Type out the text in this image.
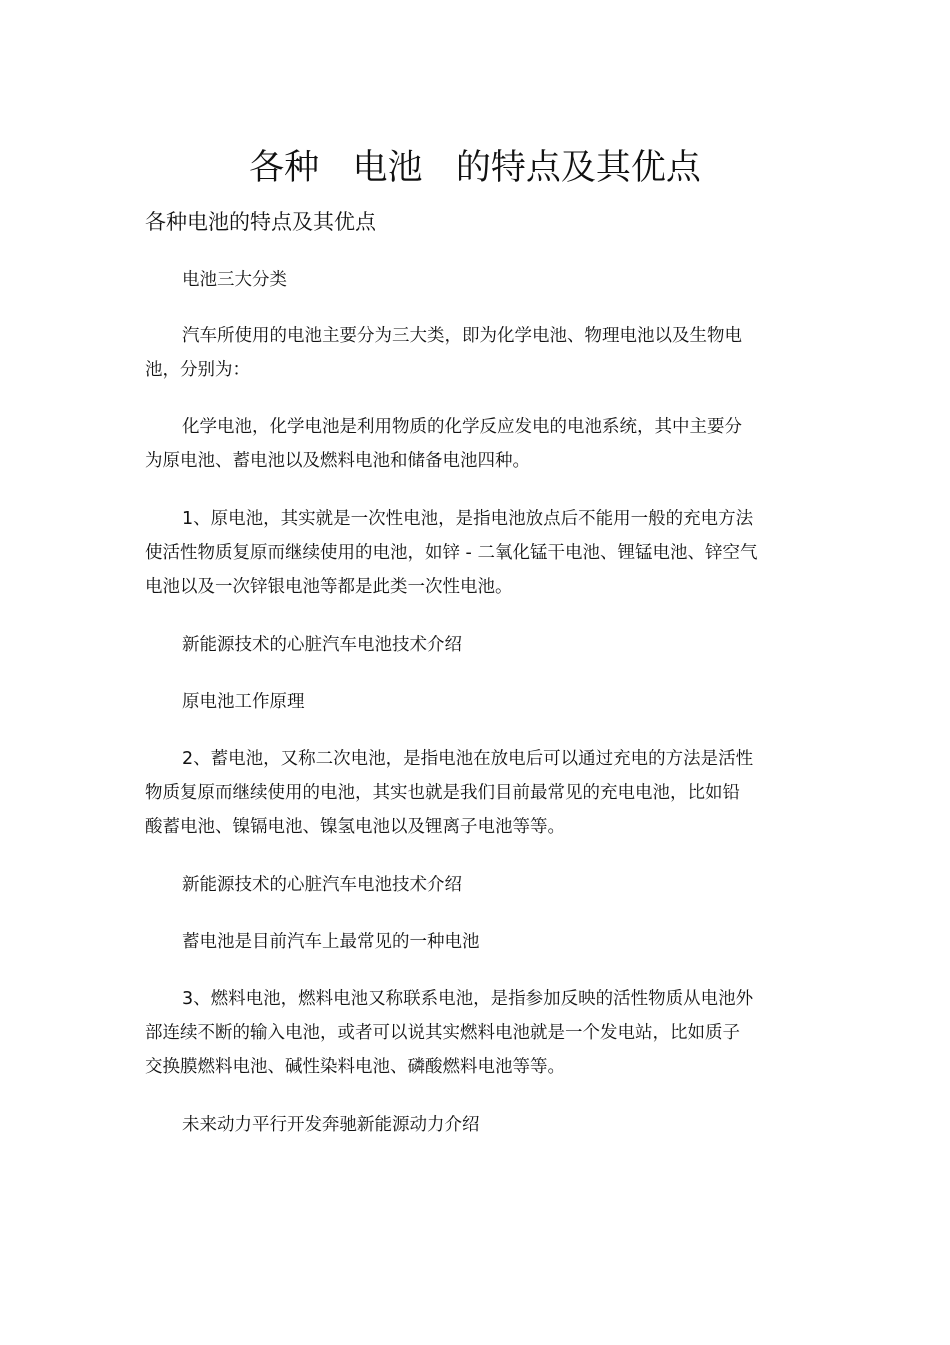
各种   电池   的特点及其优点
各种电池的特点及其优点
电池三大分类
汽车所使用的电池主要分为三大类，即为化学电池、物理电池以及生物电
池，分别为：
化学电池，化学电池是利用物质的化学反应发电的电池系统，其中主要分
为原电池、蓄电池以及燃料电池和储备电池四种。
1、原电池，其实就是一次性电池，是指电池放点后不能用一般的充电方法
使活性物质复原而继续使用的电池，如锌 - 二氧化锰干电池、锂锰电池、锌空气
电池以及一次锌银电池等都是此类一次性电池。
新能源技术的心脏汽车电池技术介绍
原电池工作原理
2、蓄电池，又称二次电池，是指电池在放电后可以通过充电的方法是活性
物质复原而继续使用的电池，其实也就是我们目前最常见的充电电池，比如铅
酸蓄电池、镍镉电池、镍氢电池以及锂离子电池等等。
新能源技术的心脏汽车电池技术介绍
蓄电池是目前汽车上最常见的一种电池
3、燃料电池，燃料电池又称联系电池，是指参加反映的活性物质从电池外
部连续不断的输入电池，或者可以说其实燃料电池就是一个发电站，比如质子
交换膜燃料电池、碱性染料电池、磷酸燃料电池等等。
未来动力平行开发奔驰新能源动力介绍
